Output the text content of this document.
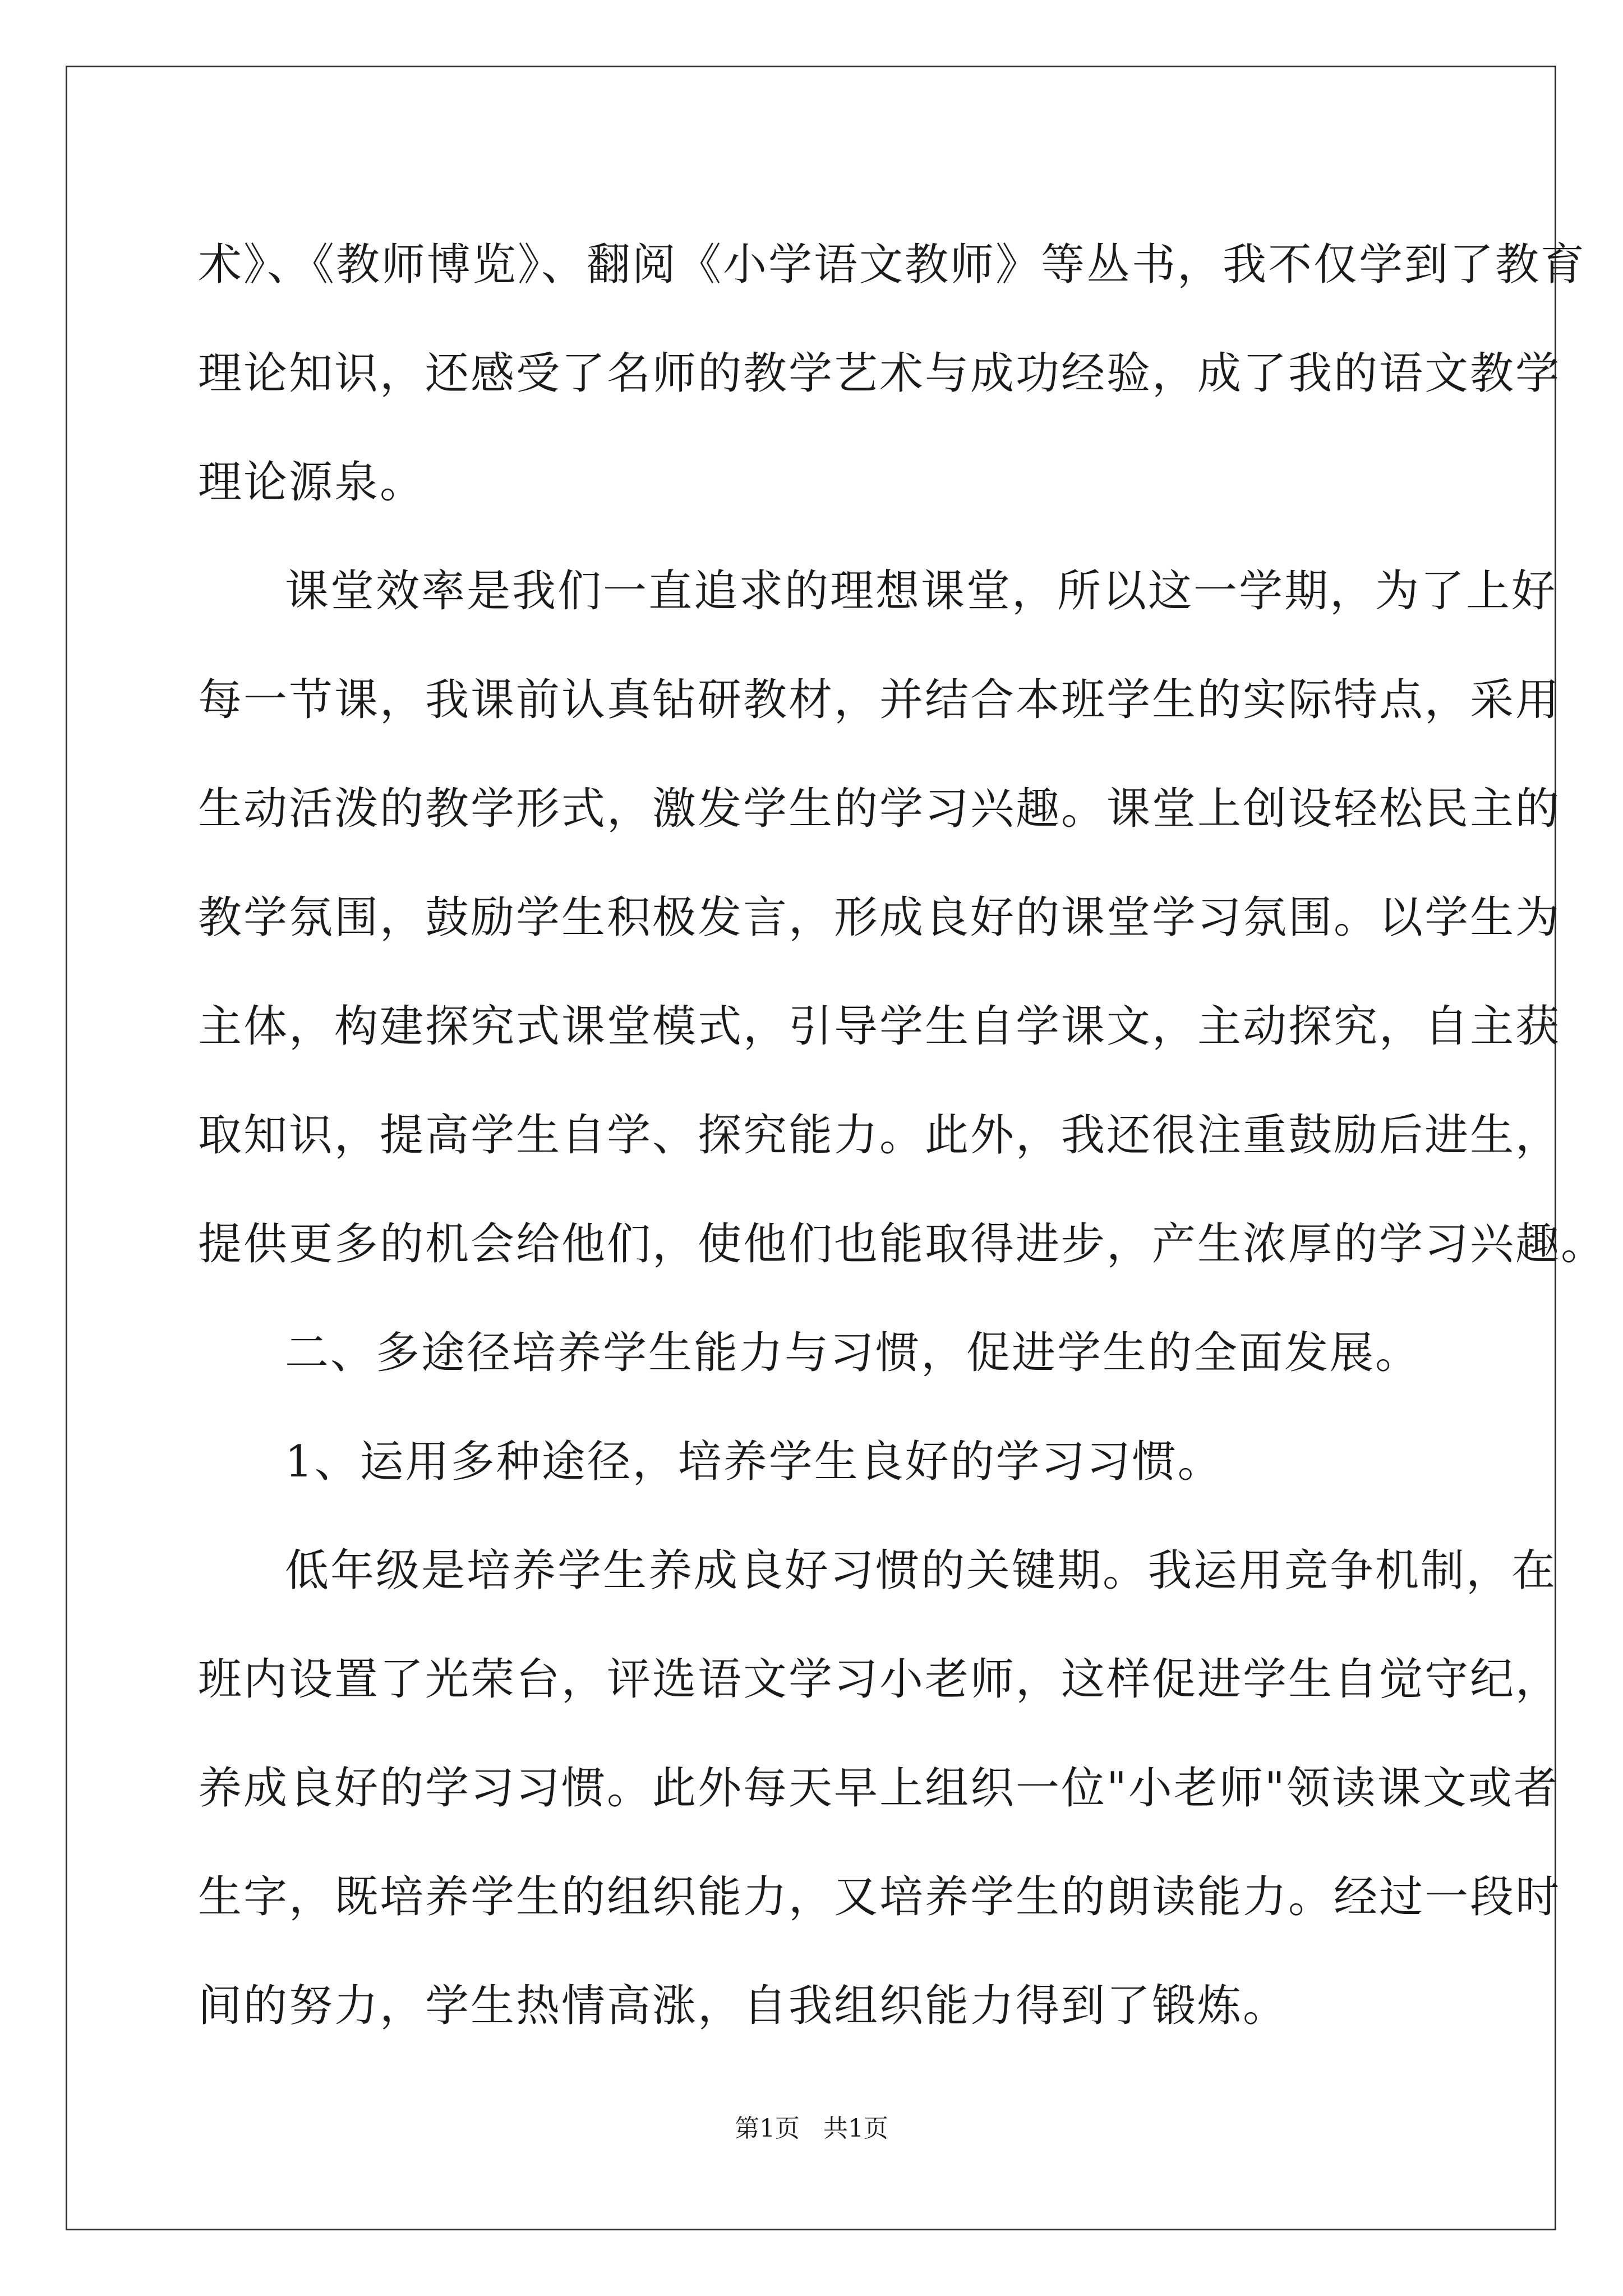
术》、《教师博览》、翻阅《小学语文教师》等丛书，我不仅学到了教育
理论知识，还感受了名师的教学艺术与成功经验，成了我的语文教学
理论源泉。
课堂效率是我们一直追求的理想课堂，所以这一学期，为了上好
每一节课，我课前认真钻研教材，并结合本班学生的实际特点，采用
生动活泼的教学形式，激发学生的学习兴趣。课堂上创设轻松民主的
教学氛围，鼓励学生积极发言，形成良好的课堂学习氛围。以学生为
主体，构建探究式课堂模式，引导学生自学课文，主动探究，自主获
取知识，提高学生自学、探究能力。此外，我还很注重鼓励后进生，
提供更多的机会给他们，使他们也能取得进步，产生浓厚的学习兴趣。
二、多途径培养学生能力与习惯，促进学生的全面发展。
1、运用多种途径，培养学生良好的学习习惯。
低年级是培养学生养成良好习惯的关键期。我运用竞争机制，在
班内设置了光荣台，评选语文学习小老师，这样促进学生自觉守纪，
养成良好的学习习惯。此外每天早上组织一位"小老师"领读课文或者
生字，既培养学生的组织能力，又培养学生的朗读能力。经过一段时
间的努力，学生热情高涨，自我组织能力得到了锻炼。
第1页   共1页
